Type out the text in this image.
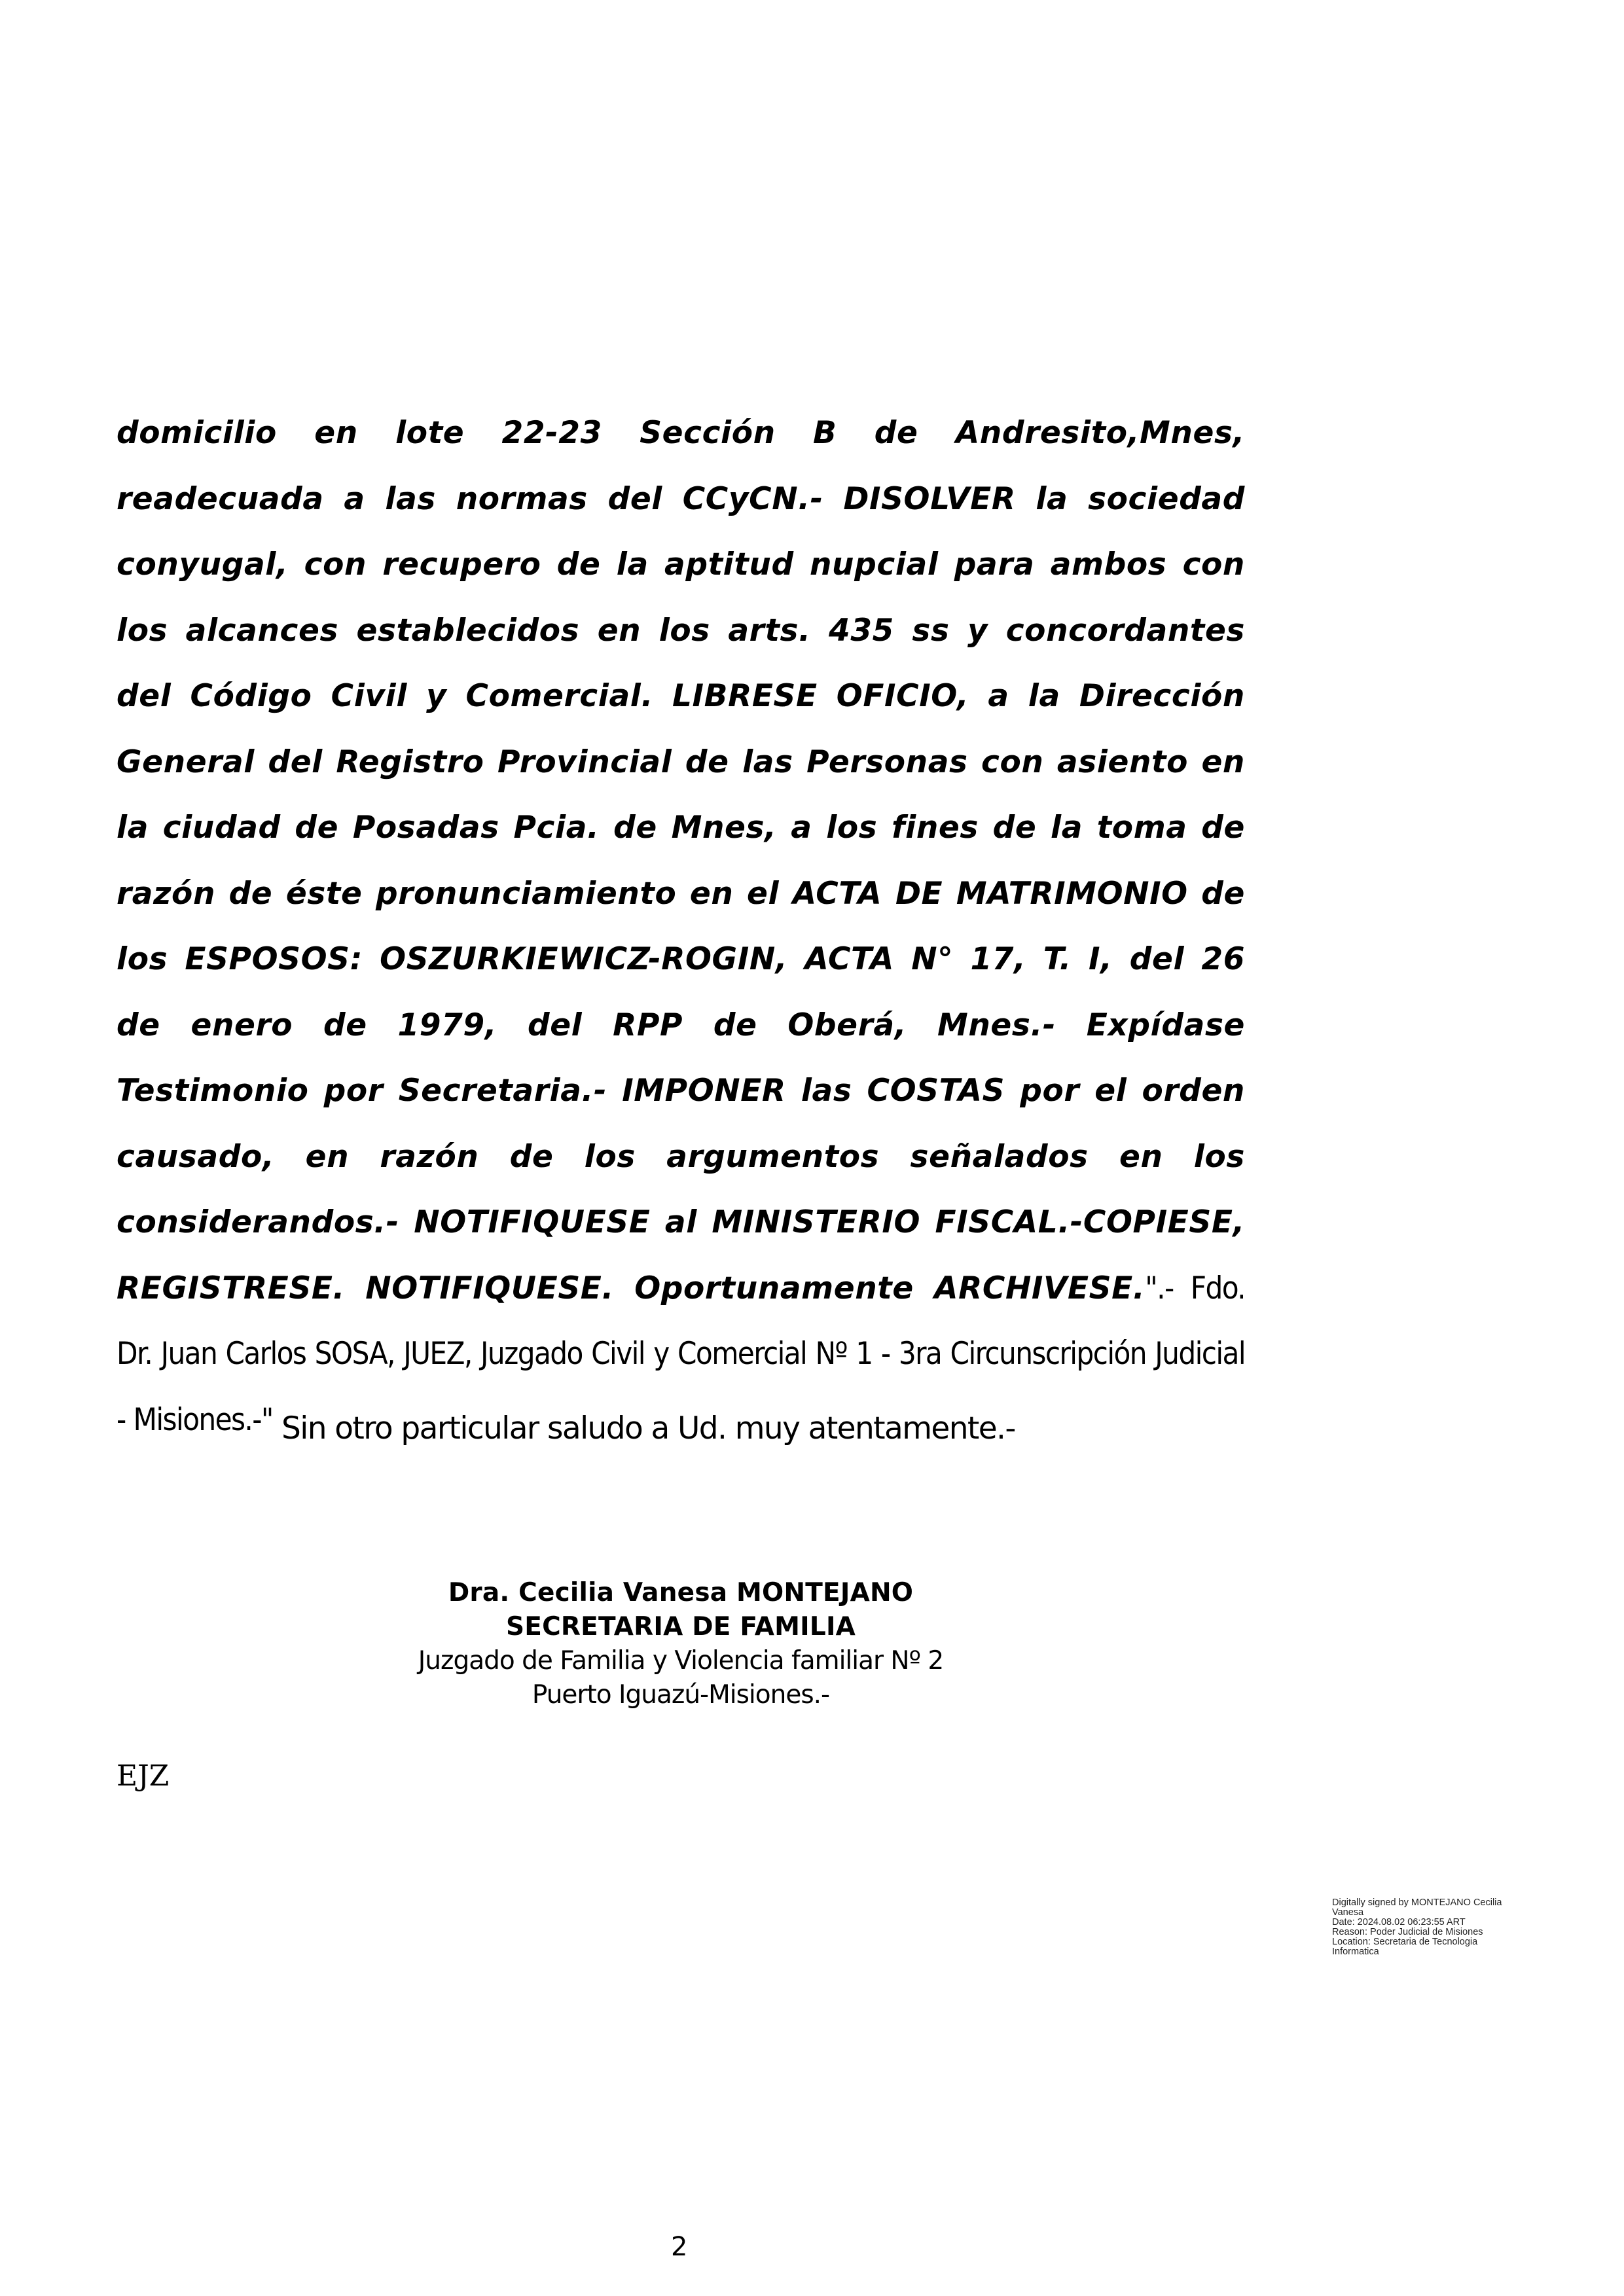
domicilio en lote 22-23 Sección B de Andresito,Mnes, readecuada a las normas del CCyCN.- DISOLVER la sociedad conyugal, con recupero de la aptitud nupcial para ambos con los alcances establecidos en los arts. 435 ss y concordantes del Código Civil y Comercial. LIBRESE OFICIO, a la Dirección General del Registro Provincial de las Personas con asiento en la ciudad de Posadas Pcia. de Mnes, a los fines de la toma de razón de éste pronunciamiento en el ACTA DE MATRIMONIO de los ESPOSOS: OSZURKIEWICZ-ROGIN, ACTA N° 17, T. I, del 26 de enero de 1979, del RPP de Oberá, Mnes.- Expídase Testimonio por Secretaria.- IMPONER las COSTAS por el orden causado, en razón de los argumentos señalados en los considerandos.- NOTIFIQUESE al MINISTERIO FISCAL.-COPIESE, REGISTRESE. NOTIFIQUESE. Oportunamente ARCHIVESE.".- Fdo. Dr. Juan Carlos SOSA, JUEZ, Juzgado Civil y Comercial Nº 1 - 3ra Circunscripción Judicial - Misiones.-" Sin otro particular saludo a Ud. muy atentamente.-

Dra. Cecilia Vanesa MONTEJANO
SECRETARIA DE FAMILIA
Juzgado de Familia y Violencia familiar Nº 2
Puerto Iguazú-Misiones.-
EJZ
Digitally signed by MONTEJANO Cecilia
Vanesa
Date: 2024.08.02 06:23:55 ART
Reason: Poder Judicial de Misiones
Location: Secretaria de Tecnologia
Informatica
2
